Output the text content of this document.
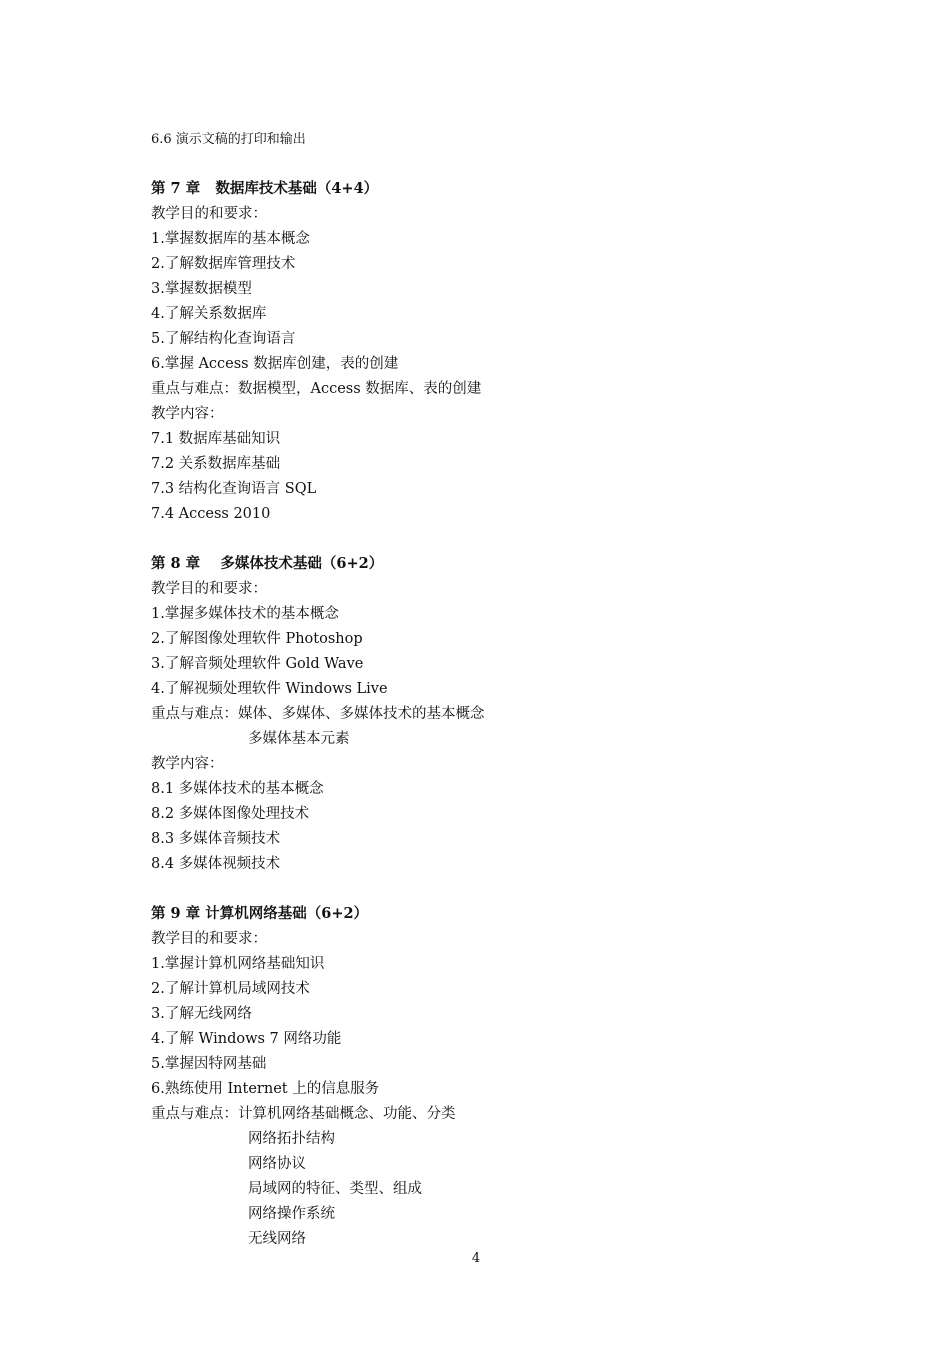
6.6 演示文稿的打印和输出
第 7 章   数据库技术基础（4+4）
教学目的和要求：
1.掌握数据库的基本概念
2.了解数据库管理技术
3.掌握数据模型
4.了解关系数据库
5.了解结构化查询语言
6.掌握 Access 数据库创建，表的创建
重点与难点：数据模型，Access 数据库、表的创建
教学内容：
7.1 数据库基础知识
7.2 关系数据库基础
7.3 结构化查询语言 SQL
7.4 Access 2010
第 8 章    多媒体技术基础（6+2）
教学目的和要求：
1.掌握多媒体技术的基本概念
2.了解图像处理软件 Photoshop
3.了解音频处理软件 Gold Wave
4.了解视频处理软件 Windows Live
重点与难点：媒体、多媒体、多媒体技术的基本概念
多媒体基本元素
教学内容：
8.1 多媒体技术的基本概念
8.2 多媒体图像处理技术
8.3 多媒体音频技术
8.4 多媒体视频技术
第 9 章 计算机网络基础（6+2）
教学目的和要求：
1.掌握计算机网络基础知识
2.了解计算机局域网技术
3.了解无线网络
4.了解 Windows 7 网络功能
5.掌握因特网基础
6.熟练使用 Internet 上的信息服务
重点与难点：计算机网络基础概念、功能、分类
网络拓扑结构
网络协议
局域网的特征、类型、组成
网络操作系统
无线网络
4
